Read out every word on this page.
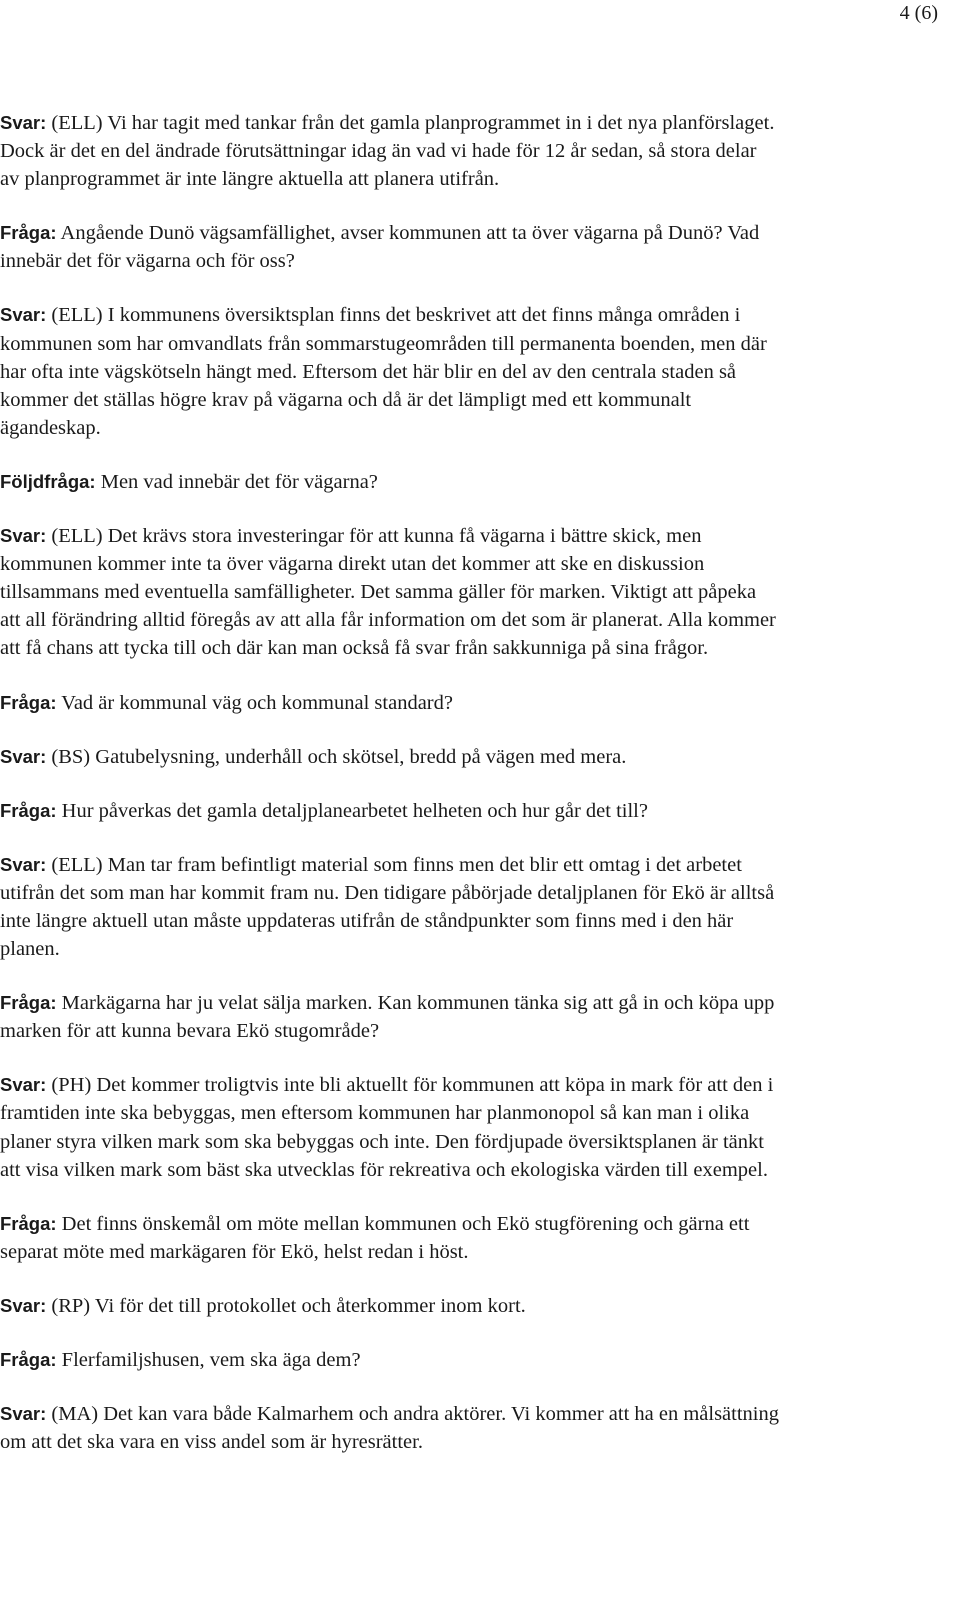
4 (6)

Svar: (ELL) Vi har tagit med tankar från det gamla planprogrammet in i det nya planförslaget. Dock är det en del ändrade förutsättningar idag än vad vi hade för 12 år sedan, så stora delar av planprogrammet är inte längre aktuella att planera utifrån.

Fråga: Angående Dunö vägsamfällighet, avser kommunen att ta över vägarna på Dunö? Vad innebär det för vägarna och för oss?

Svar: (ELL) I kommunens översiktsplan finns det beskrivet att det finns många områden i kommunen som har omvandlats från sommarstugeområden till permanenta boenden, men där har ofta inte vägskötseln hängt med. Eftersom det här blir en del av den centrala staden så kommer det ställas högre krav på vägarna och då är det lämpligt med ett kommunalt ägandeskap.

Följdfråga: Men vad innebär det för vägarna?

Svar: (ELL) Det krävs stora investeringar för att kunna få vägarna i bättre skick, men kommunen kommer inte ta över vägarna direkt utan det kommer att ske en diskussion tillsammans med eventuella samfälligheter. Det samma gäller för marken. Viktigt att påpeka att all förändring alltid föregås av att alla får information om det som är planerat. Alla kommer att få chans att tycka till och där kan man också få svar från sakkunniga på sina frågor.

Fråga: Vad är kommunal väg och kommunal standard?

Svar: (BS) Gatubelysning, underhåll och skötsel, bredd på vägen med mera.

Fråga: Hur påverkas det gamla detaljplanearbetet helheten och hur går det till?

Svar: (ELL) Man tar fram befintligt material som finns men det blir ett omtag i det arbetet utifrån det som man har kommit fram nu. Den tidigare påbörjade detaljplanen för Ekö är alltså inte längre aktuell utan måste uppdateras utifrån de ståndpunkter som finns med i den här planen.

Fråga: Markägarna har ju velat sälja marken. Kan kommunen tänka sig att gå in och köpa upp marken för att kunna bevara Ekö stugområde?

Svar: (PH) Det kommer troligtvis inte bli aktuellt för kommunen att köpa in mark för att den i framtiden inte ska bebyggas, men eftersom kommunen har planmonopol så kan man i olika planer styra vilken mark som ska bebyggas och inte. Den fördjupade översiktsplanen är tänkt att visa vilken mark som bäst ska utvecklas för rekreativa och ekologiska värden till exempel.

Fråga: Det finns önskemål om möte mellan kommunen och Ekö stugförening och gärna ett separat möte med markägaren för Ekö, helst redan i höst.

Svar: (RP) Vi för det till protokollet och återkommer inom kort.

Fråga: Flerfamiljshusen, vem ska äga dem?

Svar: (MA) Det kan vara både Kalmarhem och andra aktörer. Vi kommer att ha en målsättning om att det ska vara en viss andel som är hyresrätter.
